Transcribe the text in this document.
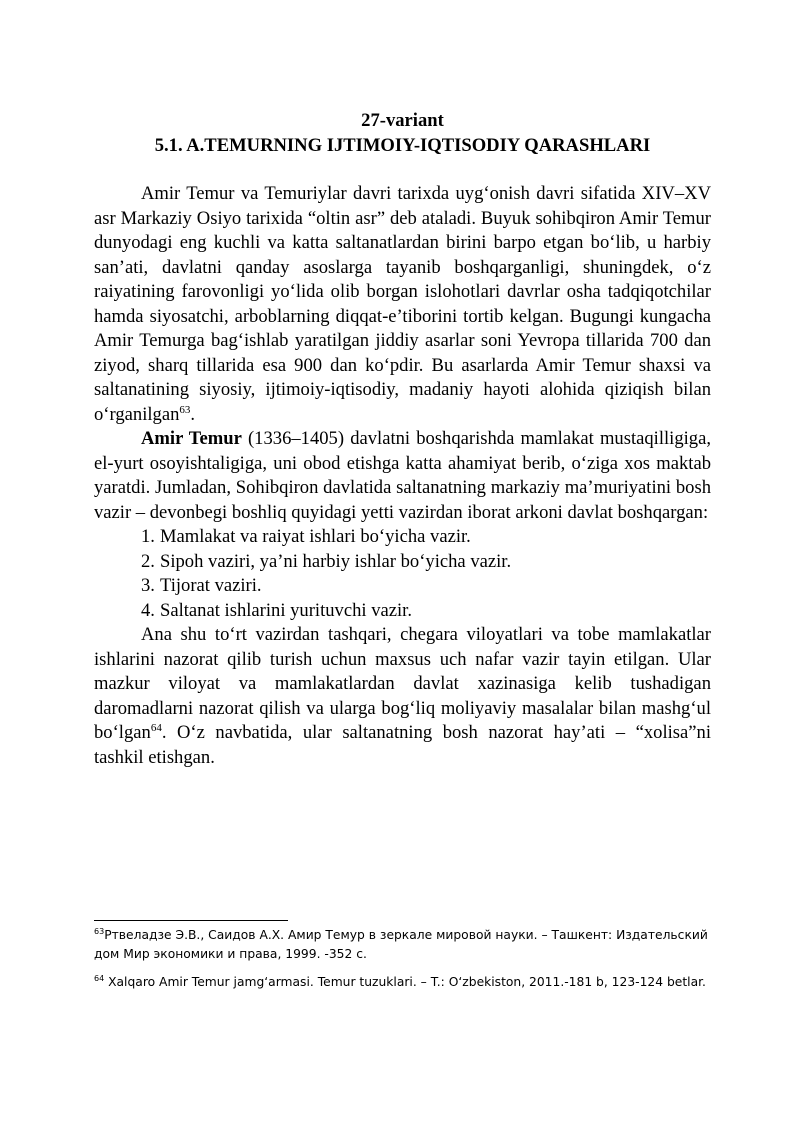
27-variant

5.1. A.TEMURNING IJTIMOIY-IQTISODIY QARASHLARI

Amir Temur va Temuriylar davri tarixda uyg‘onish davri sifatida XIV–XV asr Markaziy Osiyo tarixida “oltin asr” deb ataladi. Buyuk sohibqiron Amir Temur dunyodagi eng kuchli va katta saltanatlardan birini barpo etgan bo‘lib, u harbiy san’ati, davlatni qanday asoslarga tayanib boshqarganligi, shuningdek, o‘z raiyatining farovonligi yo‘lida olib borgan islohotlari davrlar osha tadqiqotchilar hamda siyosatchi, arboblarning diqqat-e’tiborini tortib kelgan. Bugungi kungacha Amir Temurga bag‘ishlab yaratilgan jiddiy asarlar soni Yevropa tillarida 700 dan ziyod, sharq tillarida esa 900 dan ko‘pdir. Bu asarlarda Amir Temur shaxsi va saltanatining siyosiy, ijtimoiy-iqtisodiy, madaniy hayoti alohida qiziqish bilan o‘rganilgan$^{63}$.

Amir Temur (1336–1405) davlatni boshqarishda mamlakat mustaqilligiga, el-yurt osoyishtaligiga, uni obod etishga katta ahamiyat berib, o‘ziga xos maktab yaratdi. Jumladan, Sohibqiron davlatida saltanatning markaziy ma’muriyatini bosh vazir – devonbegi boshliq quyidagi yetti vazirdan iborat arkoni davlat boshqargan:

1. Mamlakat va raiyat ishlari bo‘yicha vazir.
2. Sipoh vaziri, ya’ni harbiy ishlar bo‘yicha vazir.
3. Tijorat vaziri.
4. Saltanat ishlarini yurituvchi vazir.

Ana shu to‘rt vazirdan tashqari, chegara viloyatlari va tobe mamlakatlar ishlarini nazorat qilib turish uchun maxsus uch nafar vazir tayin etilgan. Ular mazkur viloyat va mamlakatlardan davlat xazinasiga kelib tushadigan daromadlarni nazorat qilish va ularga bog‘liq moliyaviy masalalar bilan mashg‘ul bo‘lgan$^{64}$. O‘z navbatida, ular saltanatning bosh nazorat hay’ati – “xolisa”ni tashkil etishgan.

$^{63}$Ртвеладзе Э.В., Саидов А.Х. Амир Темур в зеркале мировой науки. – Ташкент: Издательский дом Мир экономики и права, 1999. -352 с.

$^{64}$ Xalqaro Amir Temur jamg‘armasi. Temur tuzuklari. – T.: O‘zbekiston, 2011.-181 b, 123-124 betlar.
